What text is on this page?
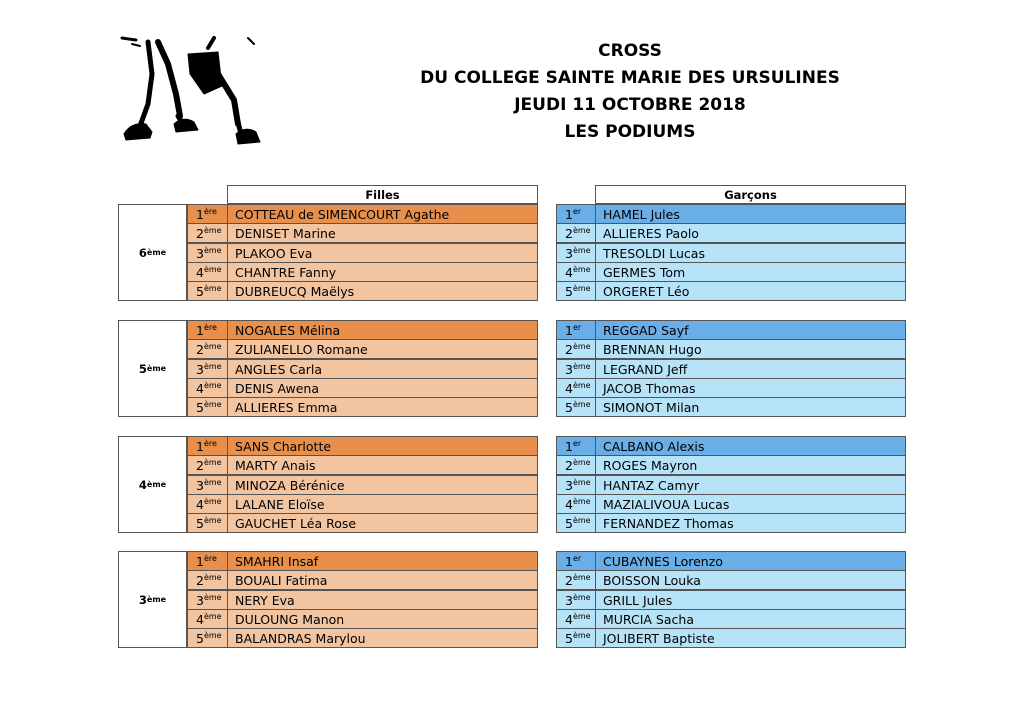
CROSS
DU COLLEGE SAINTE MARIE DES URSULINES
JEUDI 11 OCTOBRE 2018
LES PODIUMS
Filles	Garçons
6 ème
1ère	COTTEAU de SIMENCOURT Agathe
2ème	DENISET Marine
3ème	PLAKOO Eva
4ème	CHANTRE Fanny
5ème	DUBREUCQ Maëlys
1er	HAMEL Jules
2ème ALLIERES Paolo
3ème TRESOLDI Lucas
4ème GERMES Tom
5ème ORGERET Léo
5 ème
1ère	NOGALES Mélina
2ème	ZULIANELLO Romane
3ème	ANGLES Carla
4ème	DENIS Awena
5ème	ALLIERES Emma
1er	REGGAD Sayf
2ème BRENNAN Hugo
3ème LEGRAND Jeff
4ème JACOB Thomas
5ème SIMONOT Milan
4 ème
1ère	SANS Charlotte
2ème	MARTY Anais
3ème	MINOZA Bérénice
4ème	LALANE Eloïse
5ème	GAUCHET Léa Rose
1er	CALBANO Alexis
2ème ROGES Mayron
3ème HANTAZ Camyr
4ème MAZIALIVOUA Lucas
5ème FERNANDEZ Thomas
3 ème
1ère	SMAHRI Insaf
2ème	BOUALI Fatima
3ème	NERY Eva
4ème	DULOUNG Manon
5ème	BALANDRAS Marylou
1er	CUBAYNES Lorenzo
2ème BOISSON Louka
3ème GRILL Jules
4ème MURCIA Sacha
5ème JOLIBERT Baptiste
